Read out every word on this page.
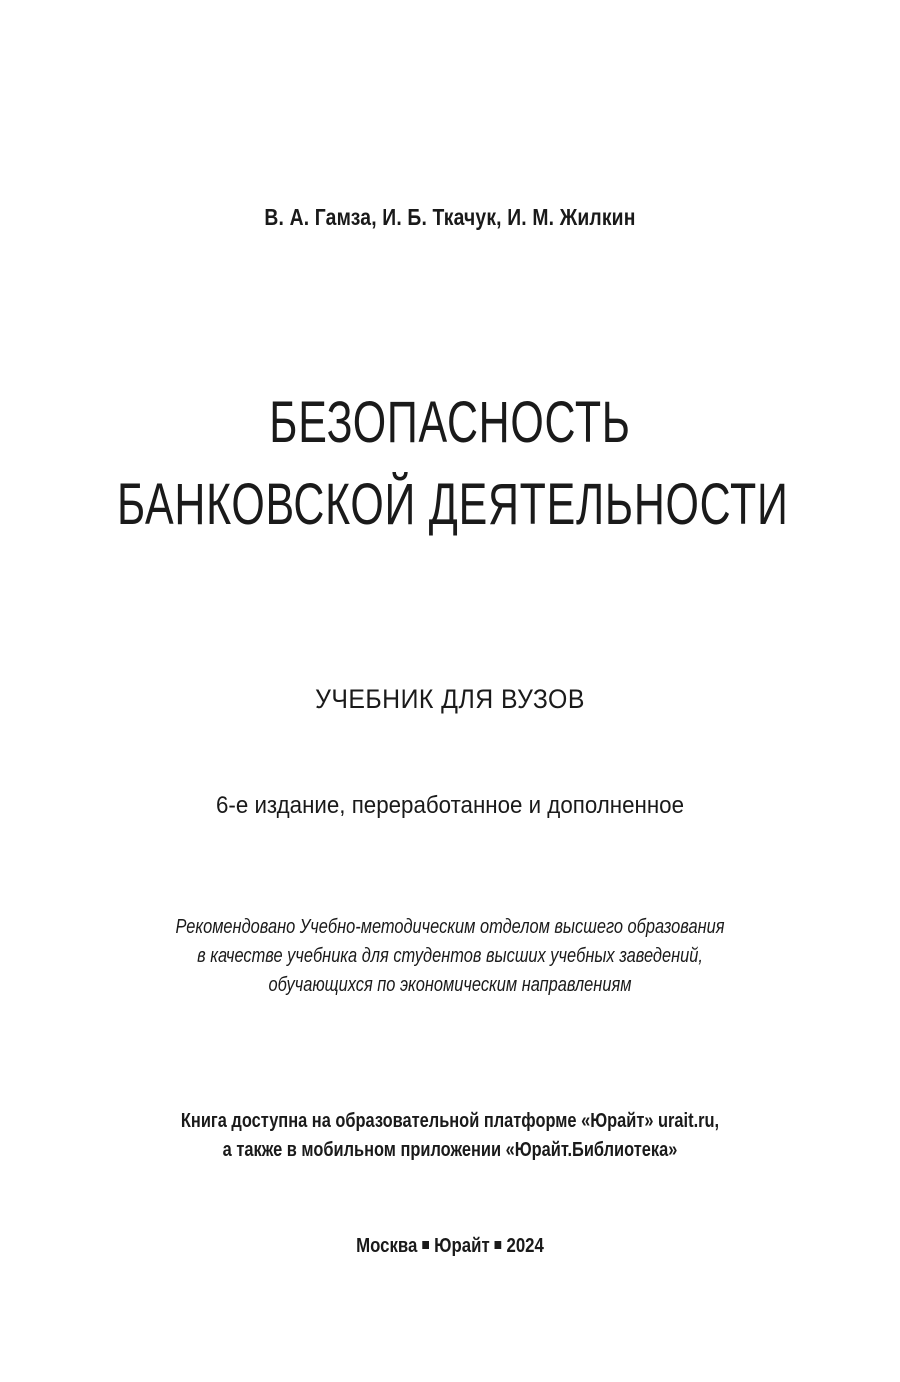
В. А. Гамза, И. Б. Ткачук, И. М. Жилкин
БЕЗОПАСНОСТЬ
БАНКОВСКОЙ ДЕЯТЕЛЬНОСТИ
УЧЕБНИК ДЛЯ ВУЗОВ
6-е издание, переработанное и дополненное
Рекомендовано Учебно-методическим отделом высшего образования
в качестве учебника для студентов высших учебных заведений,
обучающихся по экономическим направлениям
Книга доступна на образовательной платформе «Юрайт» urait.ru,
а также в мобильном приложении «Юрайт.Библиотека»
Москва Юрайт 2024
